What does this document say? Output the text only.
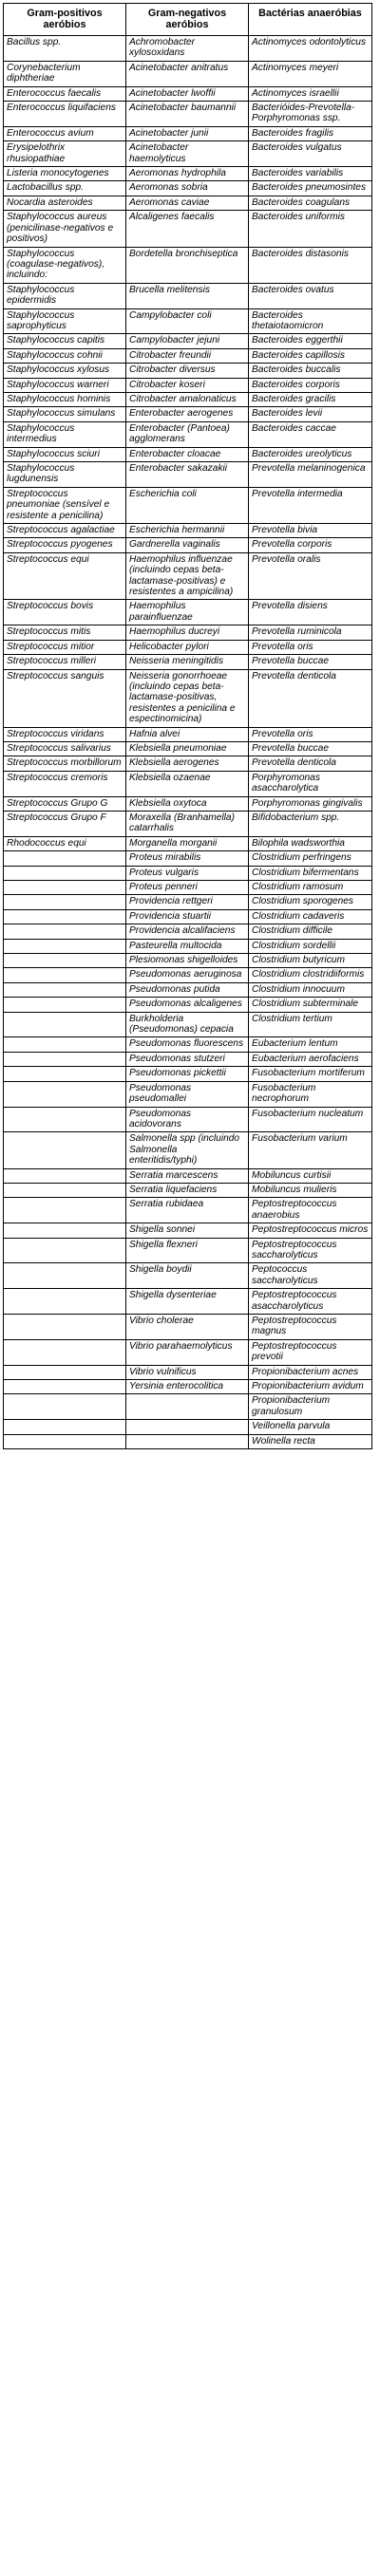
Gram-positivos aeróbios	Gram-negativos aeróbios	Bactérias anaeróbias
Bacillus spp.	Achromobacter xylosoxidans	Actinomyces odontolyticus
Corynebacterium diphtheriae	Acinetobacter anitratus	Actinomyces meyeri
Enterococcus faecalis	Acinetobacter lwoffii	Actinomyces israellii
Enterococcus liquifaciens	Acinetobacter baumannii	Bacterióides-Prevotella-Porphyromonas ssp.
Enterococcus avium	Acinetobacter junii	Bacteroides fragilis
Erysipelothrix rhusiopathiae	Acinetobacter haemolyticus	Bacteroides vulgatus
Listeria monocytogenes	Aeromonas hydrophila	Bacteroides variabilis
Lactobacillus spp.	Aeromonas sobria	Bacteroides pneumosintes
Nocardia asteroides	Aeromonas caviae	Bacteroides coagulans
Staphylococcus aureus (penicilinase-negativos e positivos)	Alcaligenes faecalis	Bacteroides uniformis
Staphylococcus (coagulase-negativos), incluindo:	Bordetella bronchiseptica	Bacteroides distasonis
Staphylococcus epidermidis	Brucella melitensis	Bacteroides ovatus
Staphylococcus saprophyticus	Campylobacter coli	Bacteroides thetaiotaomicron
Staphylococcus capitis	Campylobacter jejuni	Bacteroides eggerthii
Staphylococcus cohnii	Citrobacter freundii	Bacteroides capillosis
Staphylococcus xylosus	Citrobacter diversus	Bacteroides buccalis
Staphylococcus warneri	Citrobacter koseri	Bacteroides corporis
Staphylococcus hominis	Citrobacter amalonaticus	Bacteroides gracilis
Staphylococcus simulans	Enterobacter aerogenes	Bacteroides levii
Staphylococcus intermedius	Enterobacter (Pantoea) agglomerans	Bacteroides caccae
Staphylococcus sciuri	Enterobacter cloacae	Bacteroides ureolyticus
Staphylococcus lugdunensis	Enterobacter sakazakii	Prevotella melaninogenica
Streptococcus pneumoniae (sensível e resistente a penicilina)	Escherichia coli	Prevotella intermedia
Streptococcus agalactiae	Escherichia hermannii	Prevotella bivia
Streptococcus pyogenes	Gardnerella vaginalis	Prevotella corporis
Streptococcus equi	Haemophilus influenzae (incluindo cepas beta-lactamase-positivas) e resistentes a ampicilina)	Prevotella oralis
Streptococcus bovis	Haemophilus parainfluenzae	Prevotella disiens
Streptococcus mitis	Haemophilus ducreyi	Prevotella ruminicola
Streptococcus mitior	Helicobacter pylori	Prevotella oris
Streptococcus milleri	Neisseria meningitidis	Prevotella buccae
Streptococcus sanguis	Neisseria gonorrhoeae (incluindo cepas beta-lactamase-positivas, resistentes a penicilina e espectinomicina)	Prevotella denticola
Streptococcus viridans	Hafnia alvei	Prevotella oris
Streptococcus salivarius	Klebsiella pneumoniae	Prevotella buccae
Streptococcus morbillorum	Klebsiella aerogenes	Prevotella denticola
Streptococcus cremoris	Klebsiella ozaenae	Porphyromonas asaccharolytica
Streptococcus Grupo G	Klebsiella oxytoca	Porphyromonas gingivalis
Streptococcus Grupo F	Moraxella (Branhamella) catarrhalis	Bifidobacterium spp.
Rhodococcus equi	Morganella morganii	Bilophila wadsworthia
	Proteus mirabilis	Clostridium perfringens
	Proteus vulgaris	Clostridium bifermentans
	Proteus penneri	Clostridium ramosum
	Providencia rettgeri	Clostridium sporogenes
	Providencia stuartii	Clostridium cadaveris
	Providencia alcalifaciens	Clostridium difficile
	Pasteurella multocida	Clostridium sordellii
	Plesiomonas shigelloides	Clostridium butyricum
	Pseudomonas aeruginosa	Clostridium clostridiiformis
	Pseudomonas putida	Clostridium innocuum
	Pseudomonas alcaligenes	Clostridium subterminale
	Burkholderia (Pseudomonas) cepacia	Clostridium tertium
	Pseudomonas fluorescens	Eubacterium lentum
	Pseudomonas stutzeri	Eubacterium aerofaciens
	Pseudomonas pickettii	Fusobacterium mortiferum
	Pseudomonas pseudomallei	Fusobacterium necrophorum
	Pseudomonas acidovorans	Fusobacterium nucleatum
	Salmonella spp (incluindo Salmonella enteritidis/typhi)	Fusobacterium varium
	Serratia marcescens	Mobiluncus curtisii
	Serratia liquefaciens	Mobiluncus mulieris
	Serratia rubidaea	Peptostreptococcus anaerobius
	Shigella sonnei	Peptostreptococcus micros
	Shigella flexneri	Peptostreptococcus saccharolyticus
	Shigella boydii	Peptococcus saccharolyticus
	Shigella dysenteriae	Peptostreptococcus asaccharolyticus
	Vibrio cholerae	Peptostreptococcus magnus
	Vibrio parahaemolyticus	Peptostreptococcus prevotii
	Vibrio vulnificus	Propionibacterium acnes
	Yersinia enterocolitica	Propionibacterium avidum
		Propionibacterium granulosum
		Veillonella parvula
		Wolinella recta
